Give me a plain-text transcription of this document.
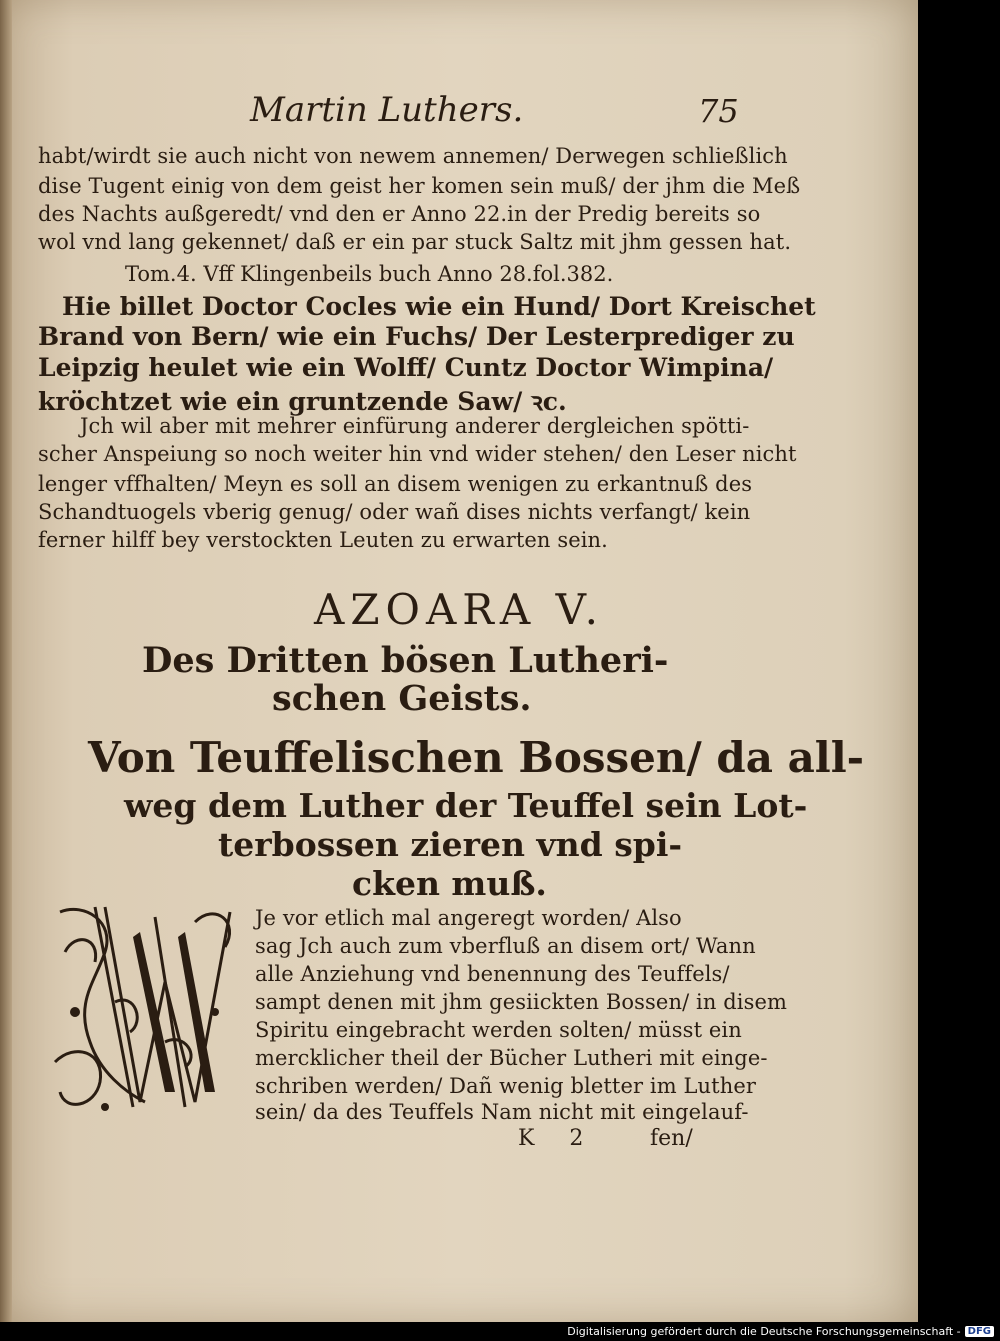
Martin Luthers.	75
habt/wirdt sie auch nicht von newem annemen/ Derwegen schließlich
dise Tugent einig von dem geist her komen sein muß/ der jhm die Meß
des Nachts außgeredt/ vnd den er Anno 22.in der Predig bereits so
wol vnd lang gekennet/ daß er ein par stuck Saltz mit jhm gessen hat.
Tom.4. Vff Klingenbeils buch Anno 28.fol.382.
Hie billet Doctor Cocles wie ein Hund/ Dort Kreischet
Brand von Bern/ wie ein Fuchs/ Der Lesterprediger zu
Leipzig heulet wie ein Wolff/ Cuntz Doctor Wimpina/
kröchtzet wie ein gruntzende Saw/ ꝛc.
Jch wil aber mit mehrer einfürung anderer dergleichen spötti-
scher Anspeiung so noch weiter hin vnd wider stehen/ den Leser nicht
lenger vffhalten/ Meyn es soll an disem wenigen zu erkantnuß des
Schandtuogels vberig genug/ oder wañ dises nichts verfangt/ kein
ferner hilff bey verstockten Leuten zu erwarten sein.
AZOARA V.
Des Dritten bösen Lutheri-
schen Geists.
Von Teuffelischen Bossen/ da all-
weg dem Luther der Teuffel sein Lot-
terbossen zieren vnd spi-
cken muß.
Je vor etlich mal angeregt worden/ Also
sag Jch auch zum vberfluß an disem ort/ Wann
alle Anziehung vnd benennung des Teuffels/
sampt denen mit jhm gesiickten Bossen/ in disem
Spiritu eingebracht werden solten/ müsst ein
mercklicher theil der Bücher Lutheri mit einge-
schriben werden/ Dañ wenig bletter im Luther
sein/ da des Teuffels Nam nicht mit eingelauf-
K 2 fen/
Digitalisierung gefördert durch die Deutsche Forschungsgemeinschaft - DFG
